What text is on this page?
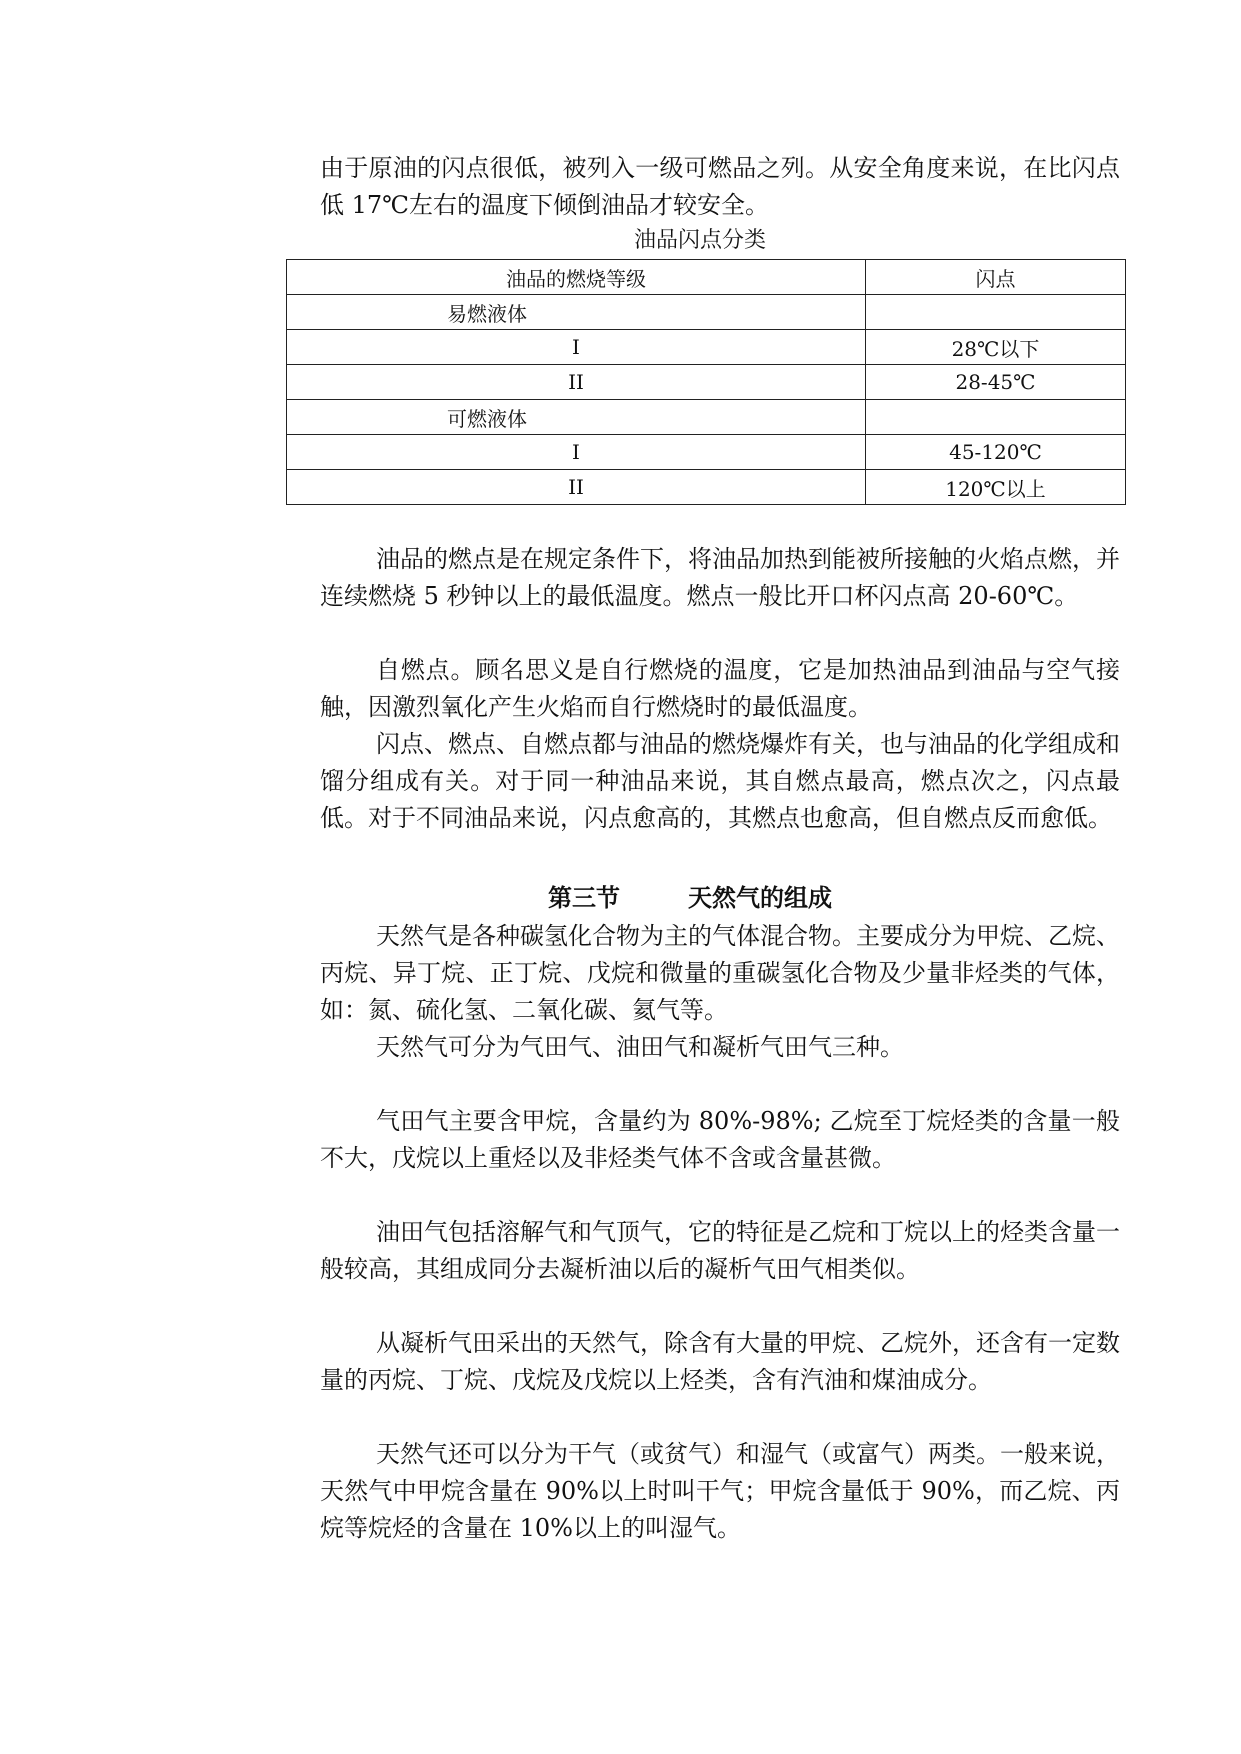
由于原油的闪点很低，被列入一级可燃品之列。从安全角度来说，在比闪点低 17℃左右的温度下倾倒油品才较安全。

油品闪点分类
油品的燃烧等级	闪点
易燃液体	
I	28℃以下
II	28-45℃
可燃液体	
I	45-120℃
II	120℃以上

油品的燃点是在规定条件下，将油品加热到能被所接触的火焰点燃，并连续燃烧 5 秒钟以上的最低温度。燃点一般比开口杯闪点高 20-60℃。

自燃点。顾名思义是自行燃烧的温度，它是加热油品到油品与空气接触，因激烈氧化产生火焰而自行燃烧时的最低温度。

闪点、燃点、自燃点都与油品的燃烧爆炸有关，也与油品的化学组成和馏分组成有关。对于同一种油品来说，其自燃点最高，燃点次之，闪点最低。对于不同油品来说，闪点愈高的，其燃点也愈高，但自燃点反而愈低。

第三节	天然气的组成

天然气是各种碳氢化合物为主的气体混合物。主要成分为甲烷、乙烷、丙烷、异丁烷、正丁烷、戊烷和微量的重碳氢化合物及少量非烃类的气体，如：氮、硫化氢、二氧化碳、氦气等。

天然气可分为气田气、油田气和凝析气田气三种。

气田气主要含甲烷，含量约为 80%-98%; 乙烷至丁烷烃类的含量一般不大，戊烷以上重烃以及非烃类气体不含或含量甚微。

油田气包括溶解气和气顶气，它的特征是乙烷和丁烷以上的烃类含量一般较高，其组成同分去凝析油以后的凝析气田气相类似。

从凝析气田采出的天然气，除含有大量的甲烷、乙烷外，还含有一定数量的丙烷、丁烷、戊烷及戊烷以上烃类，含有汽油和煤油成分。

天然气还可以分为干气（或贫气）和湿气（或富气）两类。一般来说，天然气中甲烷含量在 90%以上时叫干气；甲烷含量低于 90%，而乙烷、丙烷等烷烃的含量在 10%以上的叫湿气。
